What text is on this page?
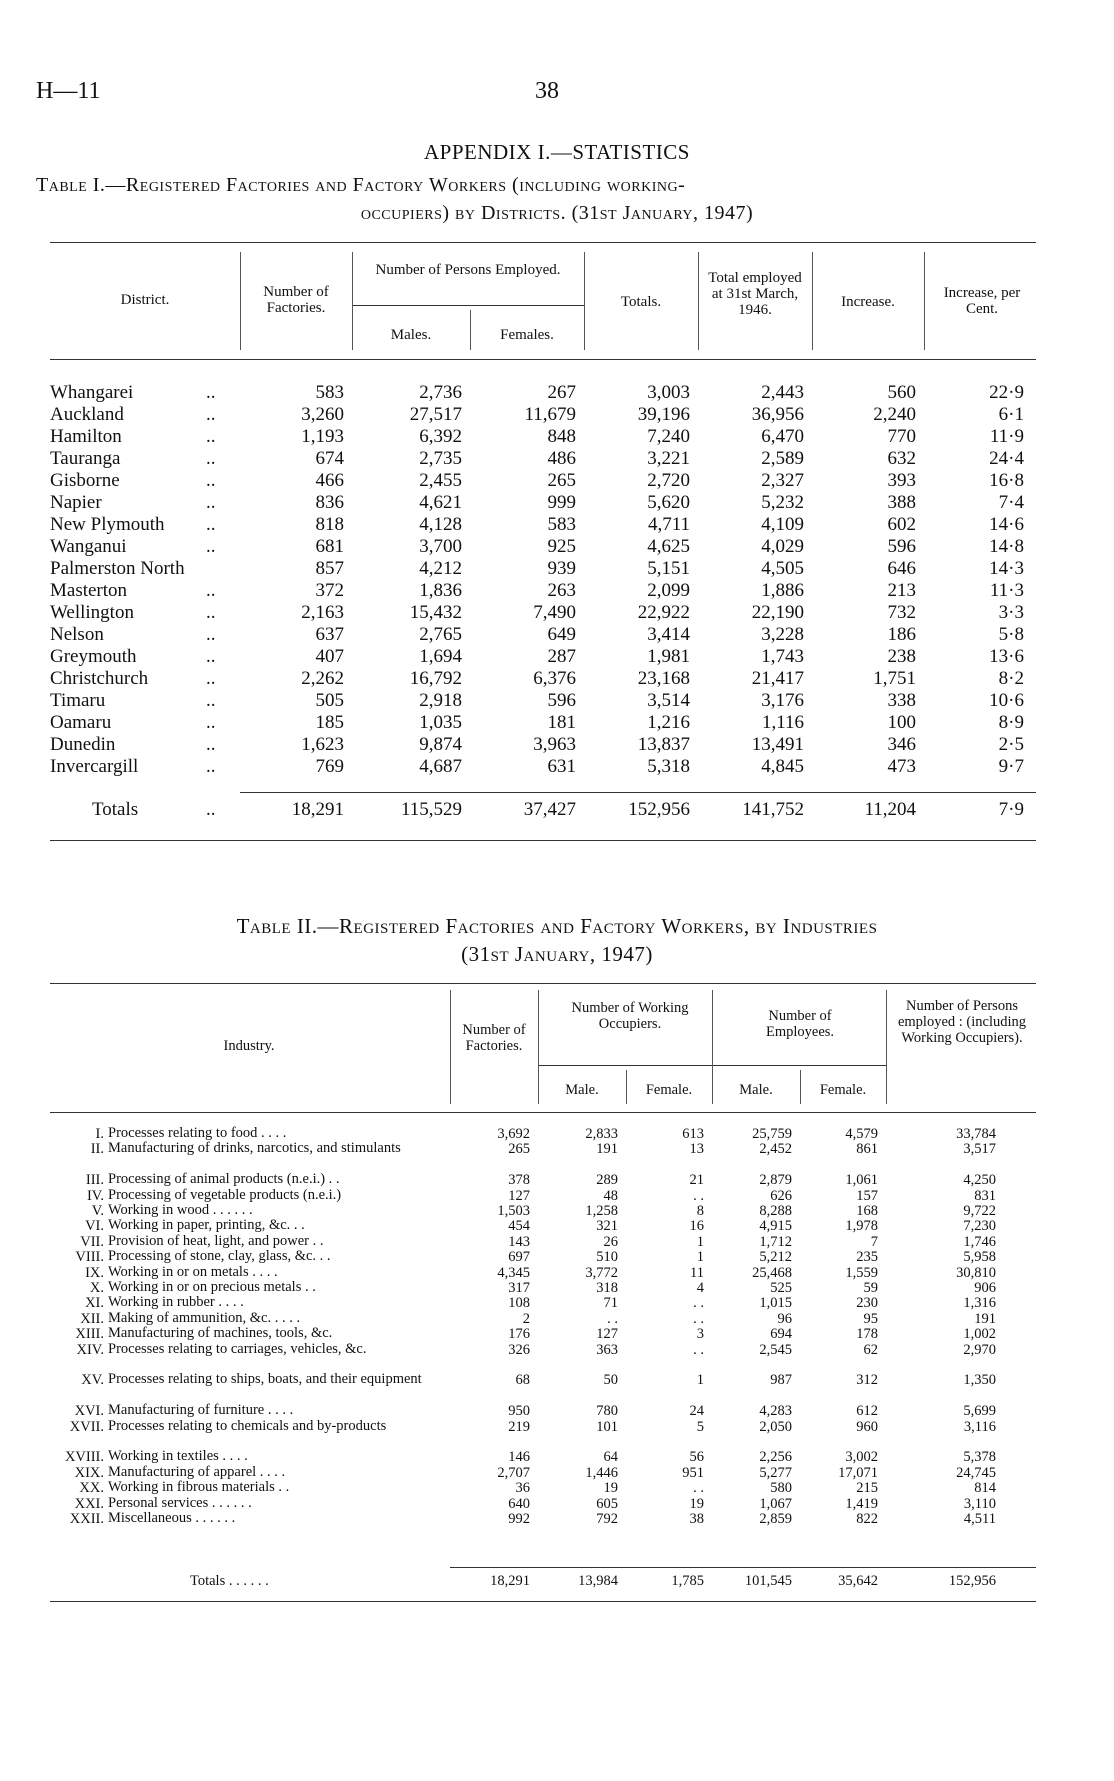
H—11	38
APPENDIX I.—STATISTICS
Table I.—Registered Factories and Factory Workers (including working-
occupiers) by Districts. (31st January, 1947)
District.	Number of Factories.
Number of Persons Employed.
Males.	Females.
Totals.
Total employed at 31st March, 1946.	Increase.
Increase, per Cent.
Whangarei	..	583	2,736	267	3,003	2,443	560	22·9
Auckland	..	3,260	27,517	11,679	39,196	36,956	2,240	6·1
Hamilton	..	1,193	6,392	848	7,240	6,470	770	11·9
Tauranga	..	674	2,735	486	3,221	2,589	632	24·4
Gisborne	..	466	2,455	265	2,720	2,327	393	16·8
Napier	..	836	4,621	999	5,620	5,232	388	7·4
New Plymouth ..	818	4,128	583	4,711	4,109	602	14·6
Wanganui	..	681	3,700	925	4,625	4,029	596	14·8
Palmerston North	857	4,212	939	5,151	4,505	646	14·3
Masterton	..	372	1,836	263	2,099	1,886	213	11·3
Wellington	..	2,163	15,432	7,490	22,922	22,190	732	3·3
Nelson	..	637	2,765	649	3,414	3,228	186	5·8
Greymouth	..	407	1,694	287	1,981	1,743	238	13·6
Christchurch	..	2,262	16,792	6,376	23,168	21,417	1,751	8·2
Timaru	..	505	2,918	596	3,514	3,176	338	10·6
Oamaru	..	185	1,035	181	1,216	1,116	100	8·9
Dunedin	..	1,623	9,874	3,963	13,837	13,491	346	2·5
Invercargill	..	769	4,687	631	5,318	4,845	473	9·7
Totals	..	18,291	115,529	37,427	152,956	141,752	11,204	7·9
Table II.—Registered Factories and Factory Workers, by Industries
(31st January, 1947)
Industry.
Number of Factories.
Number of Working Occupiers.	Number of Employees.
Male.	Female.	Male.	Female.
Number of Persons employed : (including Working Occupiers).
I. Processes relating to food . . . .	3,692	2,833	613	25,759	4,579	33,784
II. Manufacturing of drinks, narcotics, and stimulants	265	191	13	2,452	861	3,517
III. Processing of animal products (n.e.i.) . .	378	289	21	2,879	1,061	4,250
IV. Processing of vegetable products (n.e.i.)	127	48	. .	626	157	831
V. Working in wood . . . . . .	1,503	1,258	8	8,288	168	9,722
VI. Working in paper, printing, &c. . .	454	321	16	4,915	1,978	7,230
VII. Provision of heat, light, and power . .	143	26	1	1,712	7	1,746
VIII. Processing of stone, clay, glass, &c. . .	697	510	1	5,212	235	5,958
IX. Working in or on metals . . . .	4,345	3,772	11	25,468	1,559	30,810
X. Working in or on precious metals . .	317	318	4	525	59	906
XI. Working in rubber . . . .	108	71	. .	1,015	230	1,316
XII. Making of ammunition, &c. . . . .	2	. .	. .	96	95	191
XIII. Manufacturing of machines, tools, &c.	176	127	3	694	178	1,002
XIV. Processes relating to carriages, vehicles, &c.	326	363	. .	2,545	62	2,970
XV. Processes relating to ships, boats, and their equipment	68	50	1	987	312	1,350
XVI. Manufacturing of furniture . . . .	950	780	24	4,283	612	5,699
XVII. Processes relating to chemicals and by-products	219	101	5	2,050	960	3,116
XVIII. Working in textiles . . . .	146	64	56	2,256	3,002	5,378
XIX. Manufacturing of apparel . . . .	2,707	1,446	951	5,277	17,071	24,745
XX. Working in fibrous materials . .	36	19	. .	580	215	814
XXI. Personal services . . . . . .	640	605	19	1,067	1,419	3,110
XXII. Miscellaneous . . . . . .	992	792	38	2,859	822	4,511
Totals . . . . . .	18,291	13,984	1,785	101,545	35,642	152,956
